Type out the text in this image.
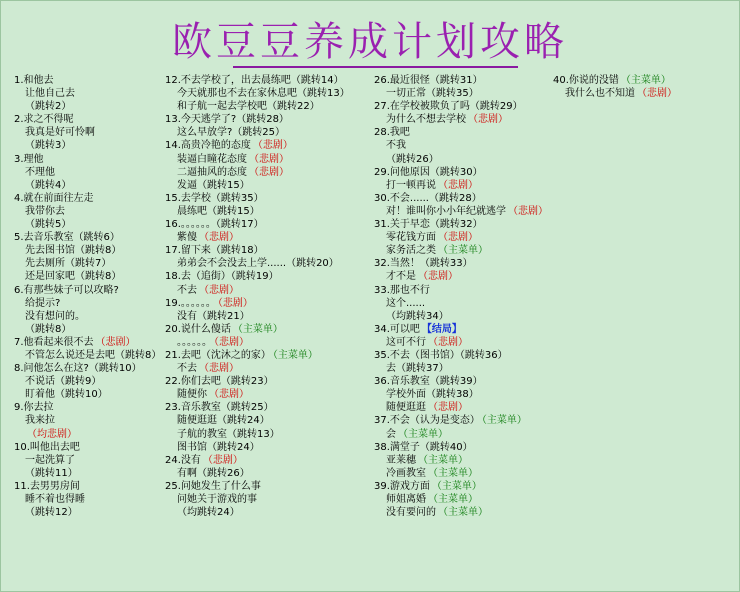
欧豆豆养成计划攻略
1.和他去
让他自己去
（跳转2）
2.求之不得呢
我真是好可怜啊
（跳转3）
3.理他
不理他
（跳转4）
4.就在前面往左走
我带你去
（跳转5）
5.去音乐教室（跳转6）
先去图书馆（跳转8）
先去厕所（跳转7）
还是回家吧（跳转8）
6.有那些妹子可以攻略?
给提示?
没有想问的。
（跳转8）
7.他看起来很不去 （悲剧）
不管怎么说还是去吧（跳转8）
8.问他怎么在这?（跳转10）
不说话（跳转9）
盯着他（跳转10）
9.你去拉
我来拉
（均悲剧）
10.叫他出去吧
一起洗算了
（跳转11）
11.去男男房间
睡不着也得睡
（跳转12）
12.不去学校了，出去晨练吧（跳转14）
今天就那也不去在家休息吧（跳转13）
和子航一起去学校吧（跳转22）
13.今天逃学了?（跳转28）
这么早放学?（跳转25）
14.高贵冷艳的态度 （悲剧）
装逼白瞳花态度 （悲剧）
二逼抽风的态度 （悲剧）
发逼（跳转15）
15.去学校（跳转35）
晨练吧（跳转15）
16.。。。。。。（跳转17）
紫傻 （悲剧）
17.留下来（跳转18）
弟弟会不会没去上学......（跳转20）
18.去（追街）（跳转19）
不去 （悲剧）
19.。。。。。。 （悲剧）
没有（跳转21）
20.说什么傻话 （主菜单）
。。。。。。 （悲剧）
21.去吧（沈沐之的家） （主菜单）
不去 （悲剧）
22.你们去吧（跳转23）
随便你 （悲剧）
23.音乐教室（跳转25）
随便逛逛（跳转24）
子航的教室（跳转13）
图书馆（跳转24）
24.没有 （悲剧）
有啊（跳转26）
25.问她发生了什么事
问她关于游戏的事
（均跳转24）
26.最近很怪（跳转31）
一切正常（跳转35）
27.在学校被欺负了吗（跳转29）
为什么不想去学校 （悲剧）
28.我吧
不我
（跳转26）
29.问他原因（跳转30）
打一顿再说 （悲剧）
30.不会......（跳转28）
对！谁叫你小小年纪就逃学 （悲剧）
31.关于早恋（跳转32）
零花钱方面 （悲剧）
家务活之类 （主菜单）
32.当然！（跳转33）
才不是 （悲剧）
33.那也不行
这个......
（均跳转34）
34.可以吧 【结局】
这可不行 （悲剧）
35.不去（图书馆）（跳转36）
去（跳转37）
36.音乐教室（跳转39）
学校外面（跳转38）
随便逛逛 （悲剧）
37.不会（认为是变态） （主菜单）
会 （主菜单）
38.满堂子（跳转40）
亚莱穗 （主菜单）
冷画教室 （主菜单）
39.游戏方面 （主菜单）
师姐离婚 （主菜单）
没有要问的 （主菜单）
40.你说的没错 （主菜单）
我什么也不知道 （悲剧）
